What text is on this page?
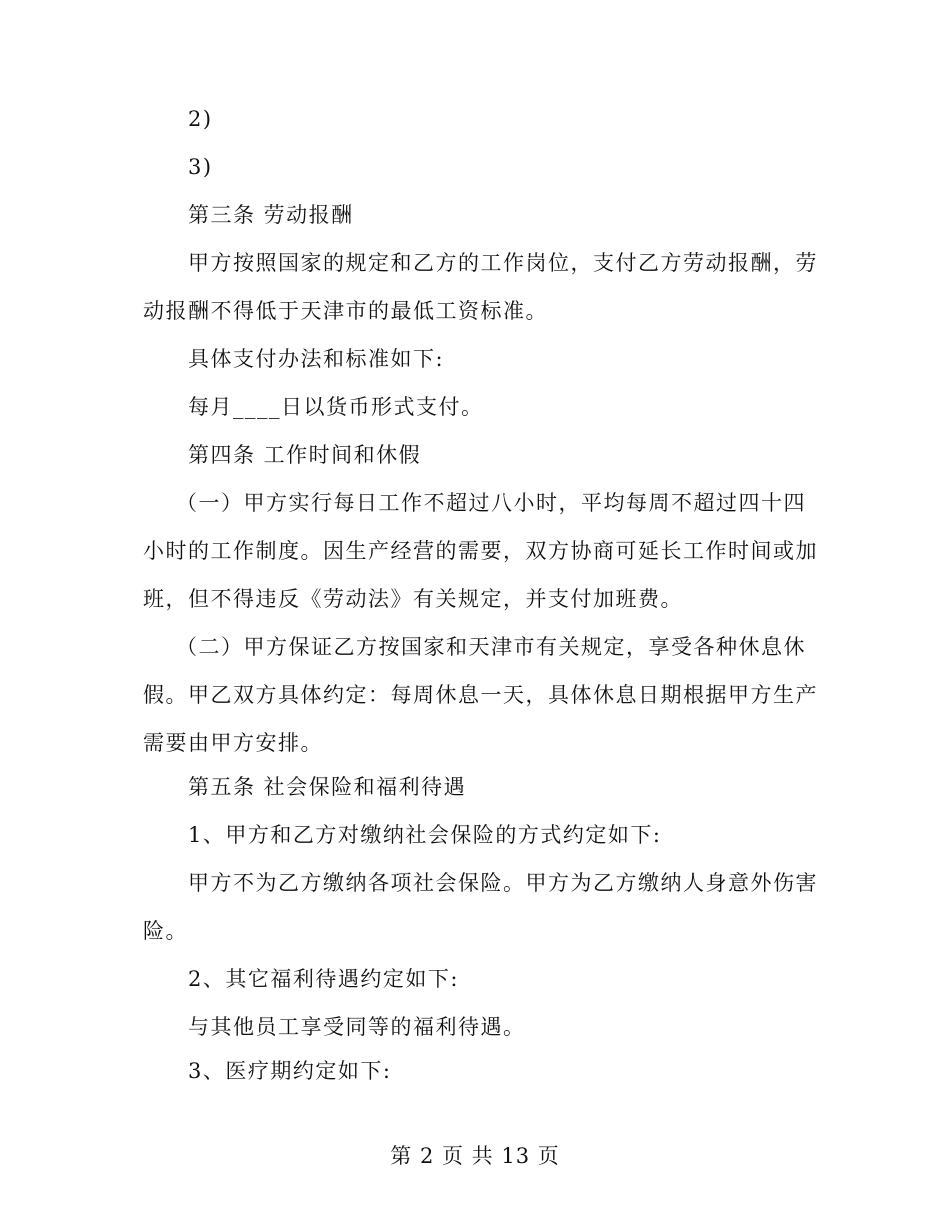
2)
3)
第三条 劳动报酬
甲方按照国家的规定和乙方的工作岗位，支付乙方劳动报酬，劳
动报酬不得低于天津市的最低工资标准。
具体支付办法和标准如下:
每月____日以货币形式支付。
第四条 工作时间和休假
（一）甲方实行每日工作不超过八小时，平均每周不超过四十四
小时的工作制度。因生产经营的需要，双方协商可延长工作时间或加
班，但不得违反《劳动法》有关规定，并支付加班费。
（二）甲方保证乙方按国家和天津市有关规定，享受各种休息休
假。甲乙双方具体约定：每周休息一天，具体休息日期根据甲方生产
需要由甲方安排。
第五条 社会保险和福利待遇
1、甲方和乙方对缴纳社会保险的方式约定如下:
甲方不为乙方缴纳各项社会保险。甲方为乙方缴纳人身意外伤害
险。
2、其它福利待遇约定如下:
与其他员工享受同等的福利待遇。
3、医疗期约定如下:
第 2 页 共 13 页
